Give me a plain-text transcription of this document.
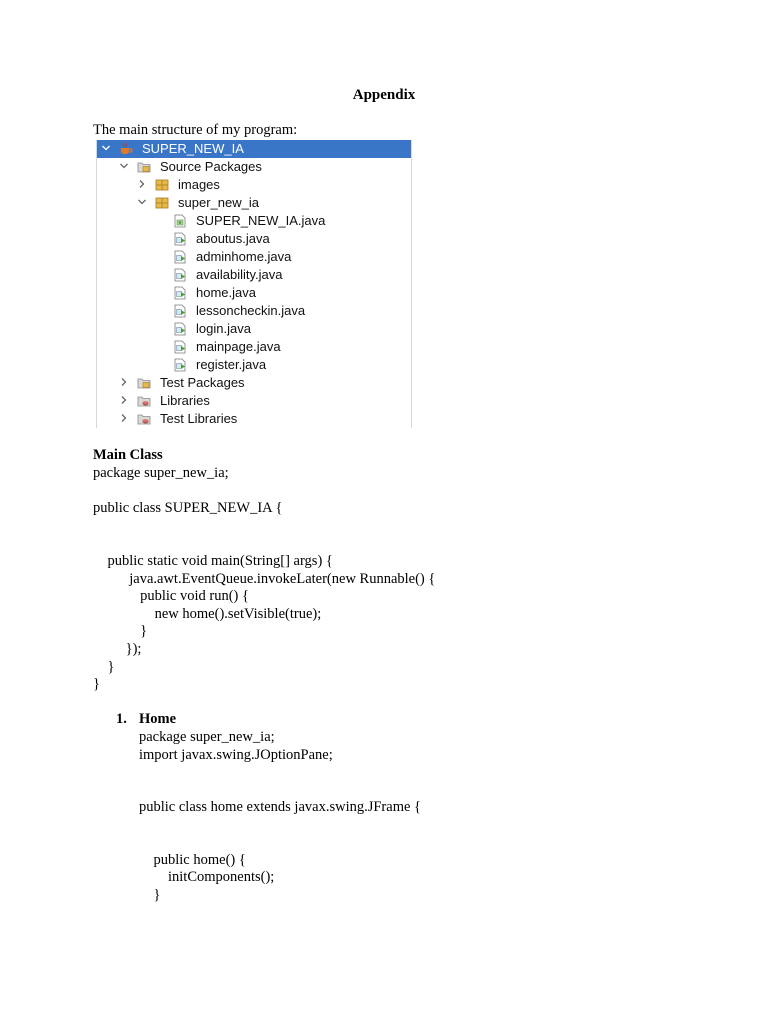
Appendix
The main structure of my program:
SUPER_NEW_IA
Source Packages
images
super_new_ia
SUPER_NEW_IA.java
aboutus.java
adminhome.java
availability.java
home.java
lessoncheckin.java
login.java
mainpage.java
register.java
Test Packages
Libraries
Test Libraries
Main Class
package super_new_ia;
public class SUPER_NEW_IA {
public static void main(String[] args) {
java.awt.EventQueue.invokeLater(new Runnable() {
public void run() {
new home().setVisible(true);
}
});
}
}
1. Home
package super_new_ia;
import javax.swing.JOptionPane;
public class home extends javax.swing.JFrame {
public home() {
initComponents();
}
